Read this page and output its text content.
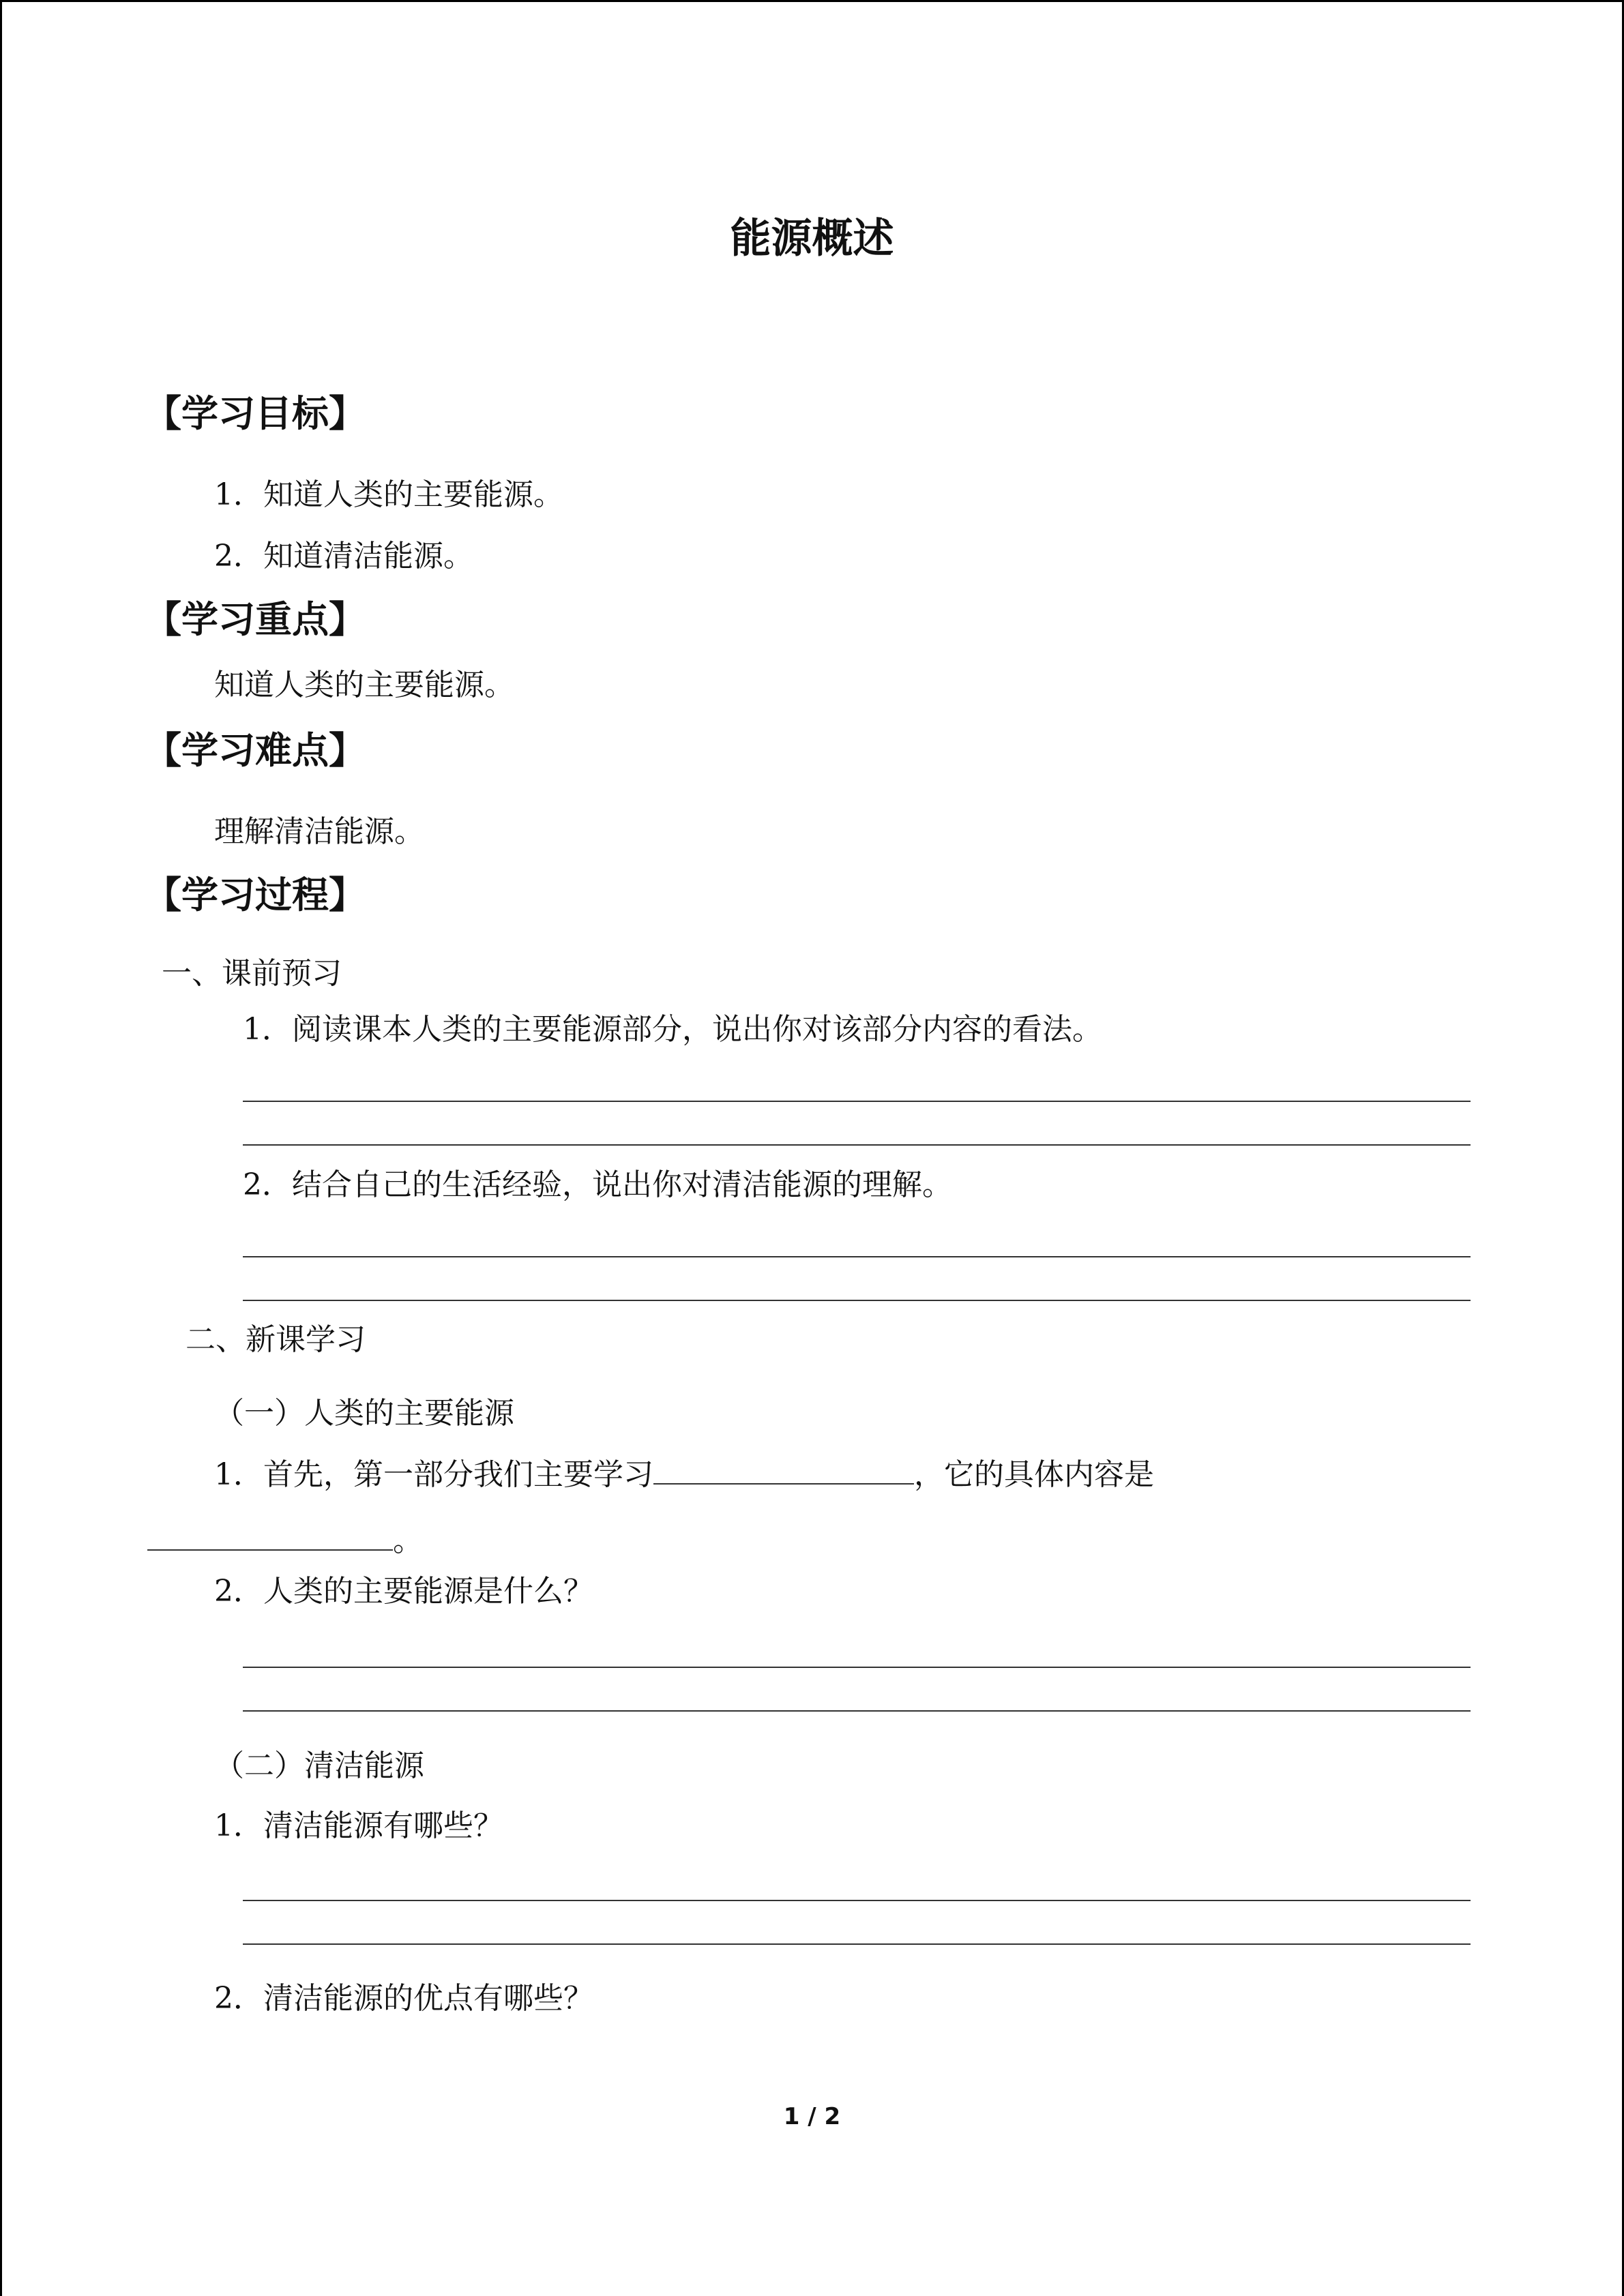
能源概述
【学习目标】
1．知道人类的主要能源。
2．知道清洁能源。
【学习重点】
知道人类的主要能源。
【学习难点】
理解清洁能源。
【学习过程】
一、课前预习
1．阅读课本人类的主要能源部分，说出你对该部分内容的看法。
2．结合自己的生活经验，说出你对清洁能源的理解。
二、新课学习
（一）人类的主要能源
1．首先，第一部分我们主要学习	，它的具体内容是
。
2．人类的主要能源是什么？
（二）清洁能源
1．清洁能源有哪些？
2．清洁能源的优点有哪些？
1 / 2
